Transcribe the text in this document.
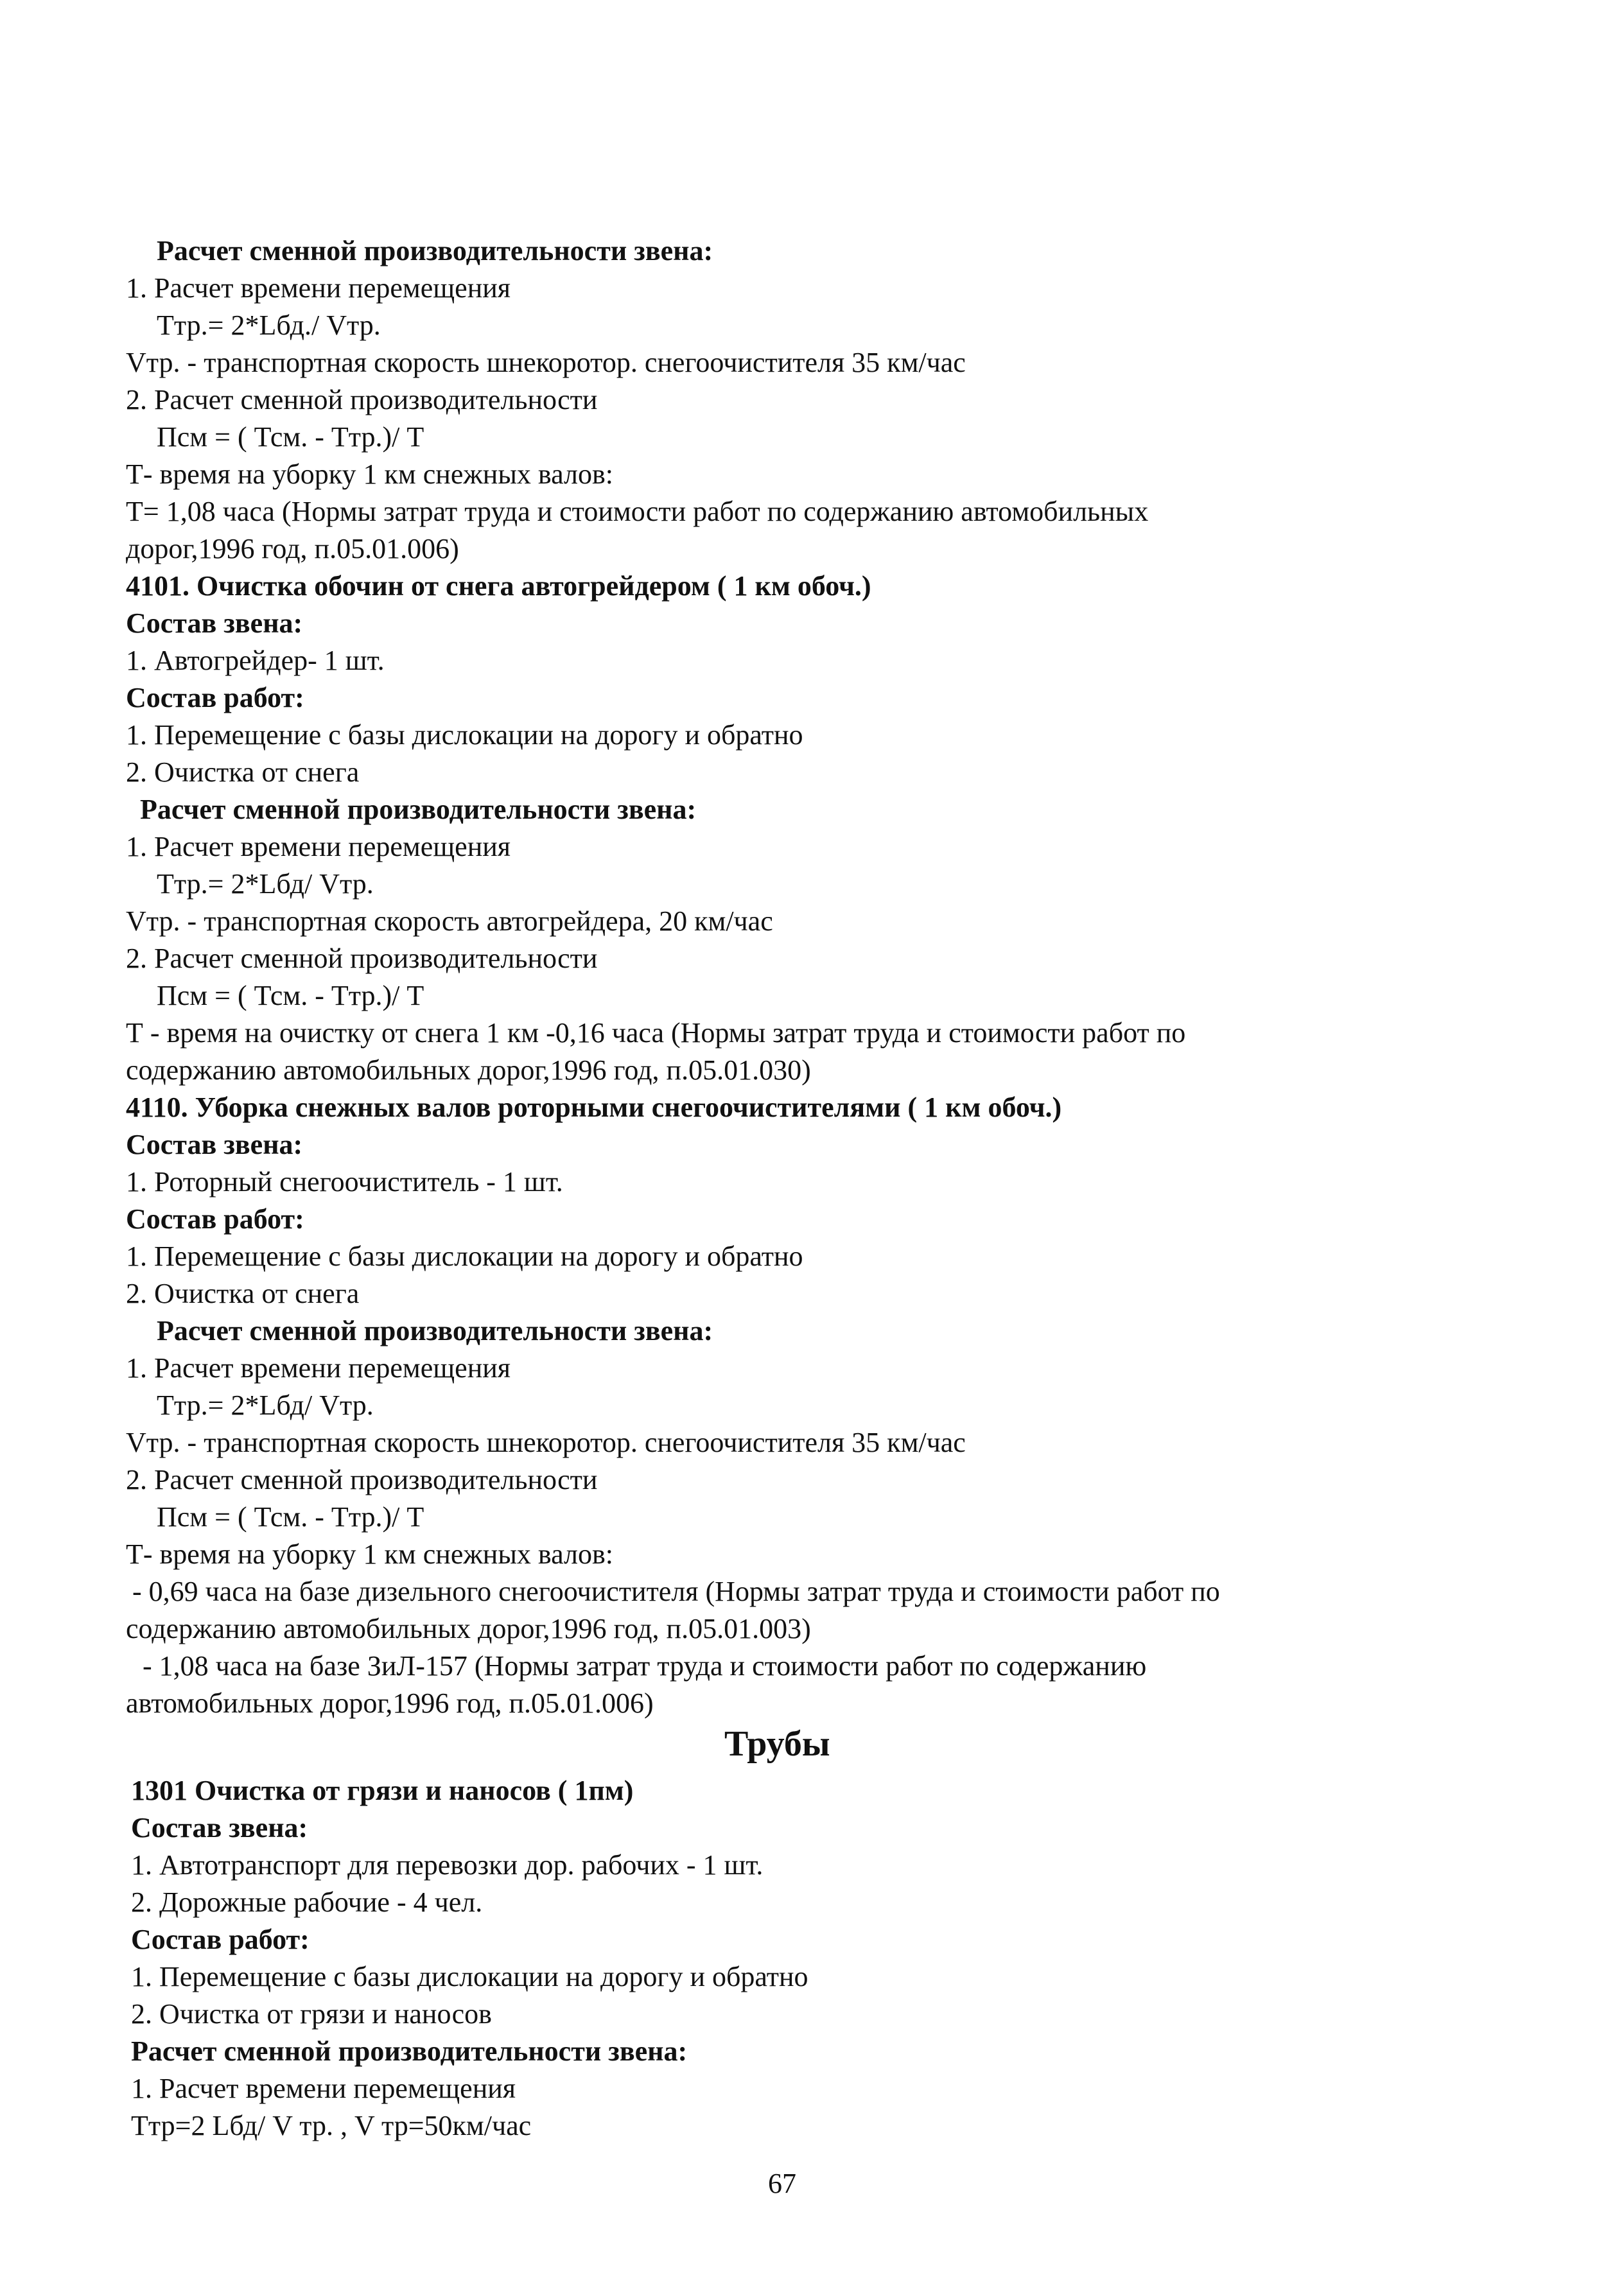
Расчет сменной производительности звена:
1. Расчет времени перемещения
Ттр.= 2*Lбд./ Vтр.
Vтр. - транспортная скорость шнекоротор. снегоочистителя 35 км/час
2. Расчет сменной производительности
Псм = ( Тсм. - Ттр.)/ Т
Т- время на уборку 1 км снежных валов:
Т= 1,08 часа (Нормы затрат труда и стоимости работ по содержанию автомобильных
дорог,1996 год, п.05.01.006)
4101. Очистка обочин от снега автогрейдером ( 1 км обоч.)
Состав звена:
1. Автогрейдер- 1 шт.
Состав работ:
1. Перемещение с базы дислокации на дорогу и обратно
2. Очистка от снега
Расчет сменной производительности звена:
1. Расчет времени перемещения
Ттр.= 2*Lбд/ Vтр.
Vтр. - транспортная скорость автогрейдера, 20 км/час
2. Расчет сменной производительности
Псм = ( Тсм. - Ттр.)/ Т
Т - время на очистку от снега 1 км -0,16 часа (Нормы затрат труда и стоимости работ по
содержанию автомобильных дорог,1996 год, п.05.01.030)
4110. Уборка снежных валов роторными снегоочистителями ( 1 км обоч.)
Состав звена:
1. Роторный снегоочиститель - 1 шт.
Состав работ:
1. Перемещение с базы дислокации на дорогу и обратно
2. Очистка от снега
Расчет сменной производительности звена:
1. Расчет времени перемещения
Ттр.= 2*Lбд/ Vтр.
Vтр. - транспортная скорость шнекоротор. снегоочистителя 35 км/час
2. Расчет сменной производительности
Псм = ( Тсм. - Ттр.)/ Т
Т- время на уборку 1 км снежных валов:
- 0,69 часа на базе дизельного снегоочистителя (Нормы затрат труда и стоимости работ по
содержанию автомобильных дорог,1996 год, п.05.01.003)
- 1,08 часа на базе ЗиЛ-157 (Нормы затрат труда и стоимости работ по содержанию
автомобильных дорог,1996 год, п.05.01.006)
Трубы
1301 Очистка от грязи и наносов ( 1пм)
Состав звена:
1. Автотранспорт для перевозки дор. рабочих - 1 шт.
2. Дорожные рабочие - 4 чел.
Состав работ:
1. Перемещение с базы дислокации на дорогу и обратно
2. Очистка от грязи и наносов
Расчет сменной производительности звена:
1. Расчет времени перемещения
Ттр=2 Lбд/ V тр. , V тр=50км/час
67
